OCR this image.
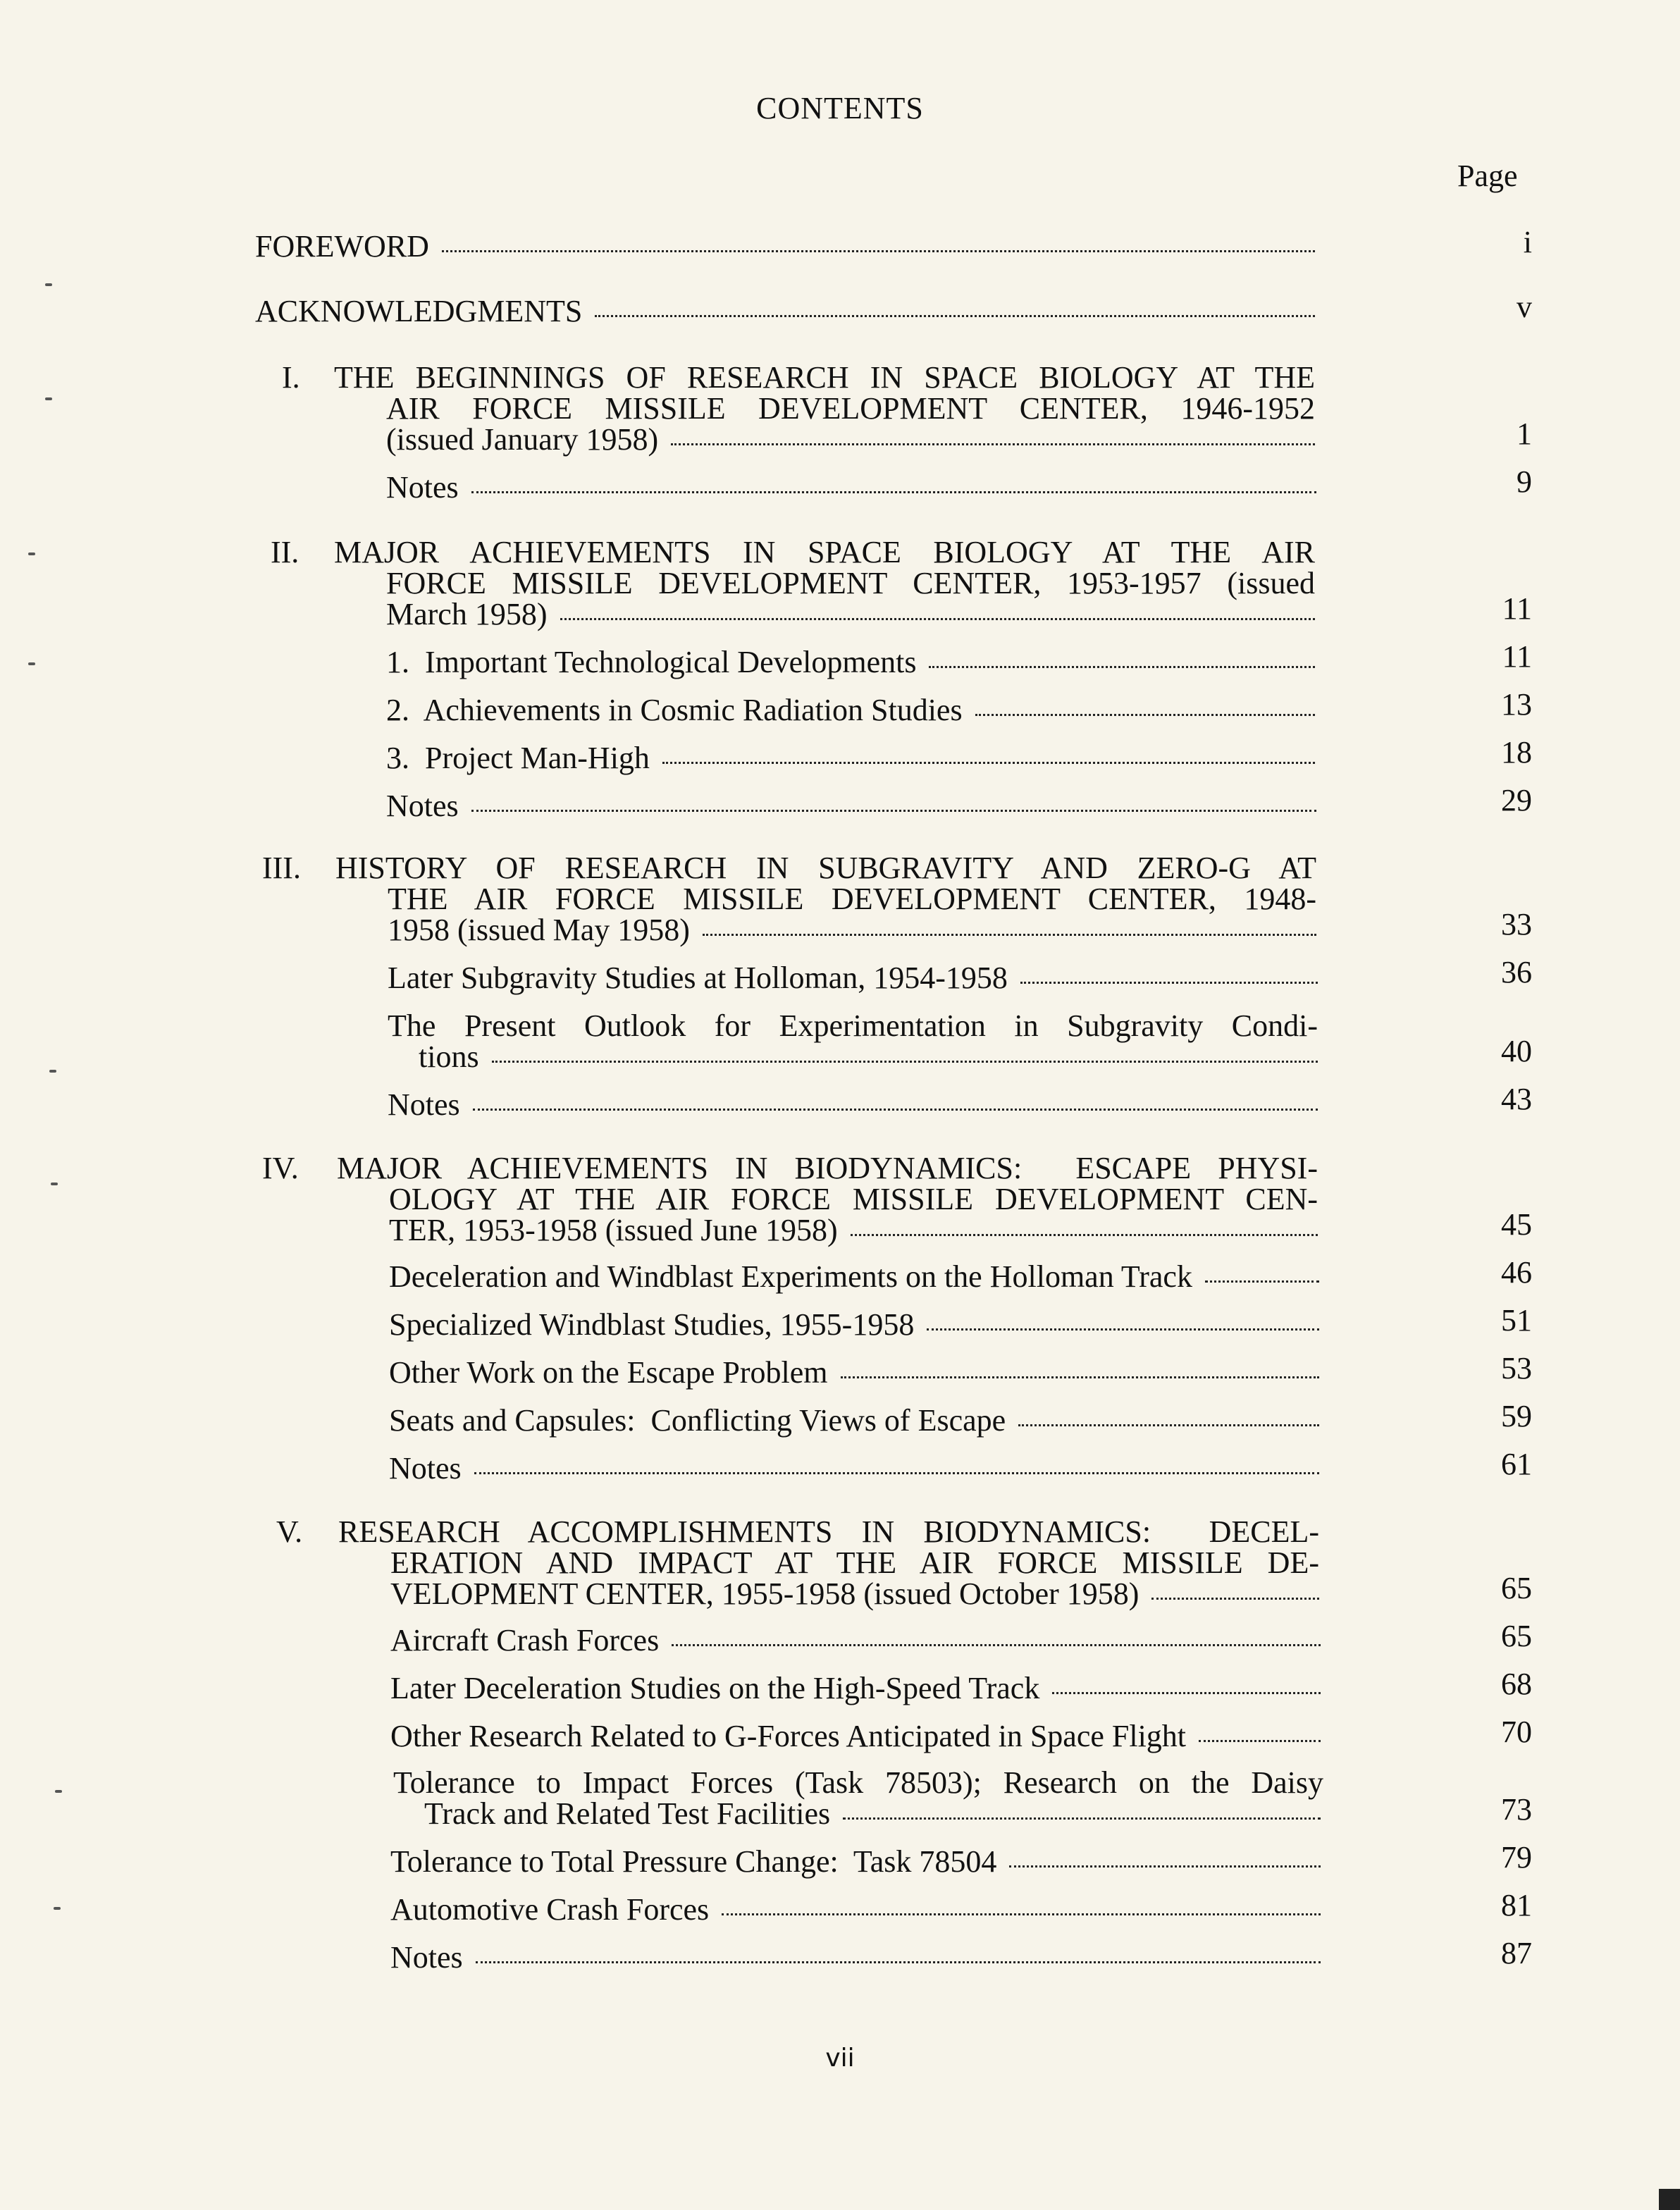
CONTENTS
Page
FOREWORD	i
ACKNOWLEDGMENTS	v
I. THE BEGINNINGS OF RESEARCH IN SPACE BIOLOGY AT THE
AIR FORCE MISSILE DEVELOPMENT CENTER, 1946-1952
(issued January 1958)	1
Notes	9
II. MAJOR ACHIEVEMENTS IN SPACE BIOLOGY AT THE AIR
FORCE MISSILE DEVELOPMENT CENTER, 1953-1957 (issued
March 1958)	11
1.  Important Technological Developments	11
2.  Achievements in Cosmic Radiation Studies	13
3.  Project Man-High	18
Notes	29
III. HISTORY OF RESEARCH IN SUBGRAVITY AND ZERO-G AT
THE AIR FORCE MISSILE DEVELOPMENT CENTER, 1948-
1958 (issued May 1958)	33
Later Subgravity Studies at Holloman, 1954-1958	36
The Present Outlook for Experimentation in Subgravity Condi-
tions	40
Notes	43
IV. MAJOR ACHIEVEMENTS IN BIODYNAMICS:  ESCAPE PHYSI-
OLOGY AT THE AIR FORCE MISSILE DEVELOPMENT CEN-
TER, 1953-1958 (issued June 1958)	45
Deceleration and Windblast Experiments on the Holloman Track	46
Specialized Windblast Studies, 1955-1958	51
Other Work on the Escape Problem	53
Seats and Capsules:  Conflicting Views of Escape	59
Notes	61
V. RESEARCH ACCOMPLISHMENTS IN BIODYNAMICS:  DECEL-
ERATION AND IMPACT AT THE AIR FORCE MISSILE DE-
VELOPMENT CENTER, 1955-1958 (issued October 1958)	65
Aircraft Crash Forces	65
Later Deceleration Studies on the High-Speed Track	68
Other Research Related to G-Forces Anticipated in Space Flight	70
Tolerance to Impact Forces (Task 78503); Research on the Daisy
Track and Related Test Facilities	73
Tolerance to Total Pressure Change:  Task 78504	79
Automotive Crash Forces	81
Notes	87
vii
